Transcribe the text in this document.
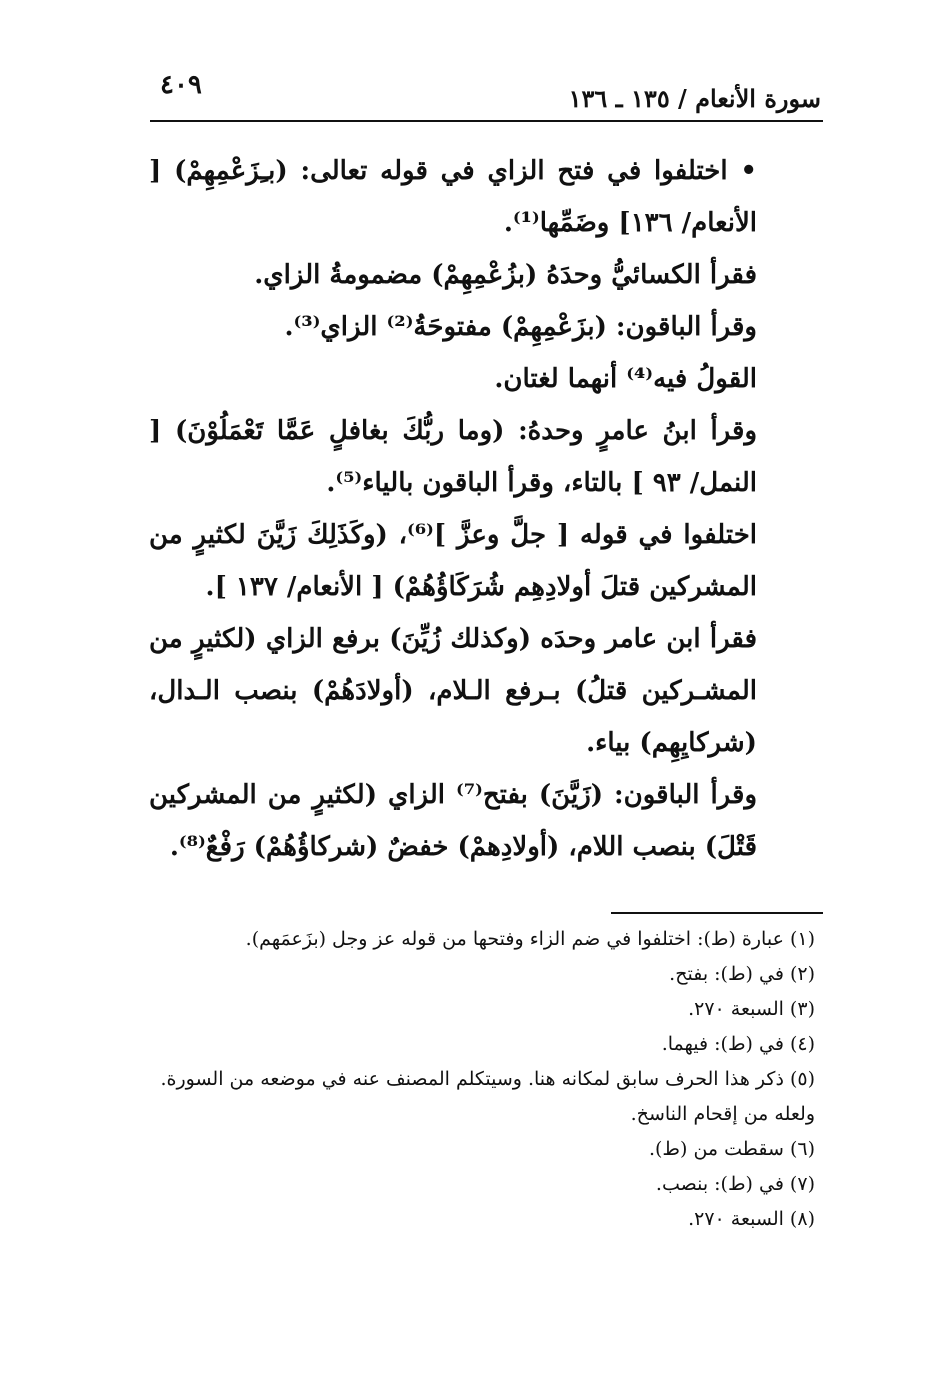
٤٠٩	سورة الأنعام / ١٣٥ ـ ١٣٦

• اختلفوا في فتح الزاي في قوله تعالى: (بـِزَعْمِهِمْ) [ الأنعام/ ١٣٦] وضَمِّها⁽¹⁾.

فقرأ الكسائيُّ وحدَهُ (بزُعْمِهِمْ) مضمومةُ الزاي.

وقرأ الباقون: (بزَعْمِهِمْ) مفتوحَةُ⁽²⁾ الزاي⁽³⁾.

القولُ فيه⁽⁴⁾ أنهما لغتان.

وقرأ ابنُ عامرٍ وحدهُ: (وما ربُّكَ بغافلٍ عَمَّا تَعْمَلُوْنَ) [ النمل/ ٩٣ ] بالتاء، وقرأ الباقون بالياء⁽⁵⁾.

اختلفوا في قوله [ جلَّ وعزَّ ]⁽⁶⁾، (وكَذَلِكَ زَيَّنَ لكثيرٍ من المشركين قتلَ أولادِهِم شُرَكَاؤُهُمْ) [ الأنعام/ ١٣٧ ].

فقرأ ابن عامر وحدَه (وكذلك زُيِّنَ) برفع الزاي (لكثيرٍ من المشـركين قتلُ) بـرفع الـلام، (أولادَهُمْ) بنصب الـدال، (شركايِهِم) بياء.

وقرأ الباقون: (زَيَّنَ) بفتح⁽⁷⁾ الزاي (لكثيرٍ من المشركين قَتْلَ) بنصب اللام، (أولادِهمْ) خفضٌ (شركاؤُهُمْ) رَفْعٌ⁽⁸⁾.

(١) عبارة (ط): اختلفوا في ضم الزاء وفتحها من قوله عز وجل (بزَعمَهم).

(٢) في (ط): بفتح.

(٣) السبعة ٢٧٠.

(٤) في (ط): فيهما.

(٥) ذكر هذا الحرف سابق لمكانه هنا. وسيتكلم المصنف عنه في موضعه من السورة. ولعله من إقحام الناسخ.

(٦) سقطت من (ط).

(٧) في (ط): بنصب.

(٨) السبعة ٢٧٠.
